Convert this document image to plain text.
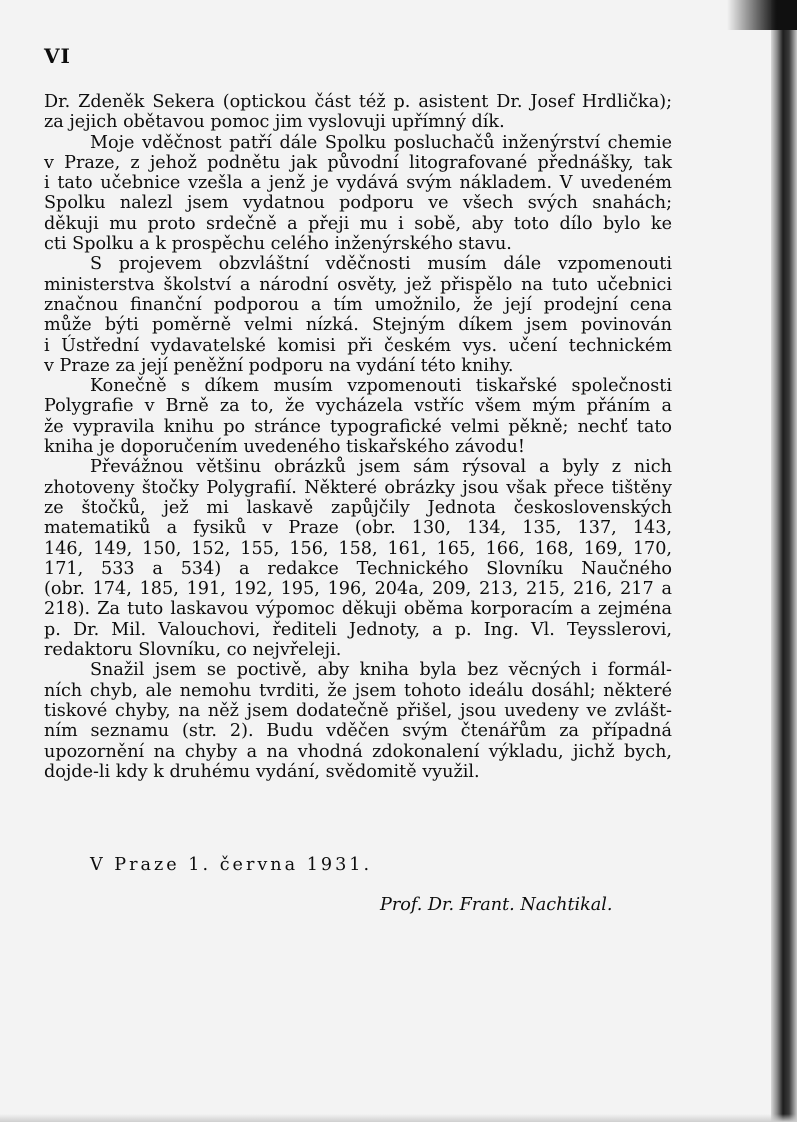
VI
Dr. Zdeněk Sekera (optickou část též p. asistent Dr. Josef Hrdlička);
za jejich obětavou pomoc jim vyslovuji upřímný dík.
Moje vděčnost patří dále Spolku posluchačů inženýrství chemie
v Praze, z jehož podnětu jak původní litografované přednášky, tak
i tato učebnice vzešla a jenž je vydává svým nákladem. V uvedeném
Spolku nalezl jsem vydatnou podporu ve všech svých snahách;
děkuji mu proto srdečně a přeji mu i sobě, aby toto dílo bylo ke
cti Spolku a k prospěchu celého inženýrského stavu.
S projevem obzvláštní vděčnosti musím dále vzpomenouti
ministerstva školství a národní osvěty, jež přispělo na tuto učebnici
značnou finanční podporou a tím umožnilo, že její prodejní cena
může býti poměrně velmi nízká. Stejným díkem jsem povinován
i Ústřední vydavatelské komisi při českém vys. učení technickém
v Praze za její peněžní podporu na vydání této knihy.
Konečně s díkem musím vzpomenouti tiskařské společnosti
Polygrafie v Brně za to, že vycházela vstříc všem mým přáním a
že vypravila knihu po stránce typografické velmi pěkně; nechť tato
kniha je doporučením uvedeného tiskařského závodu!
Převážnou většinu obrázků jsem sám rýsoval a byly z nich
zhotoveny štočky Polygrafií. Některé obrázky jsou však přece tištěny
ze štočků, jež mi laskavě zapůjčily Jednota československých
matematiků a fysiků v Praze (obr. 130, 134, 135, 137, 143,
146, 149, 150, 152, 155, 156, 158, 161, 165, 166, 168, 169, 170,
171, 533 a 534) a redakce Technického Slovníku Naučného
(obr. 174, 185, 191, 192, 195, 196, 204a, 209, 213, 215, 216, 217 a
218). Za tuto laskavou výpomoc děkuji oběma korporacím a zejména
p. Dr. Mil. Valouchovi, řediteli Jednoty, a p. Ing. Vl. Teysslerovi,
redaktoru Slovníku, co nejvřeleji.
Snažil jsem se poctivě, aby kniha byla bez věcných i formál-
ních chyb, ale nemohu tvrditi, že jsem tohoto ideálu dosáhl; některé
tiskové chyby, na něž jsem dodatečně přišel, jsou uvedeny ve zvlášt-
ním seznamu (str. 2). Budu vděčen svým čtenářům za případná
upozornění na chyby a na vhodná zdokonalení výkladu, jichž bych,
dojde-li kdy k druhému vydání, svědomitě využil.
V Praze 1. června 1931.
Prof. Dr. Frant. Nachtikal.
